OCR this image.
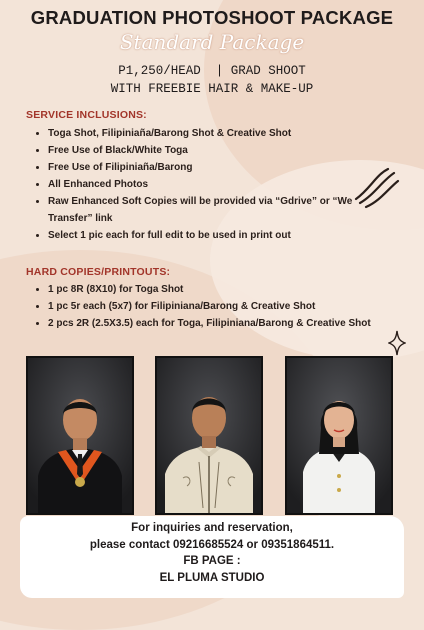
GRADUATION PHOTOSHOOT PACKAGE
Standard Package
P1,250/HEAD  | GRAD SHOOT
WITH FREEBIE HAIR & MAKE-UP
SERVICE INCLUSIONS:
• Toga Shot, Filipiniaña/Barong Shot & Creative Shot
• Free Use of Black/White Toga
• Free Use of Filipiniaña/Barong
• All Enhanced Photos
• Raw Enhanced Soft Copies will be provided via “Gdrive” or “We Transfer” link
• Select 1 pic each for full edit to be used in print out
HARD COPIES/PRINTOUTS:
• 1 pc 8R (8X10) for Toga Shot
• 1 pc 5r each (5x7) for Filipiniana/Barong & Creative Shot
• 2 pcs 2R (2.5X3.5) each for Toga, Filipiniana/Barong & Creative Shot
For inquiries and reservation,
please contact 09216685524 or 09351864511.
FB PAGE :
EL PLUMA STUDIO
